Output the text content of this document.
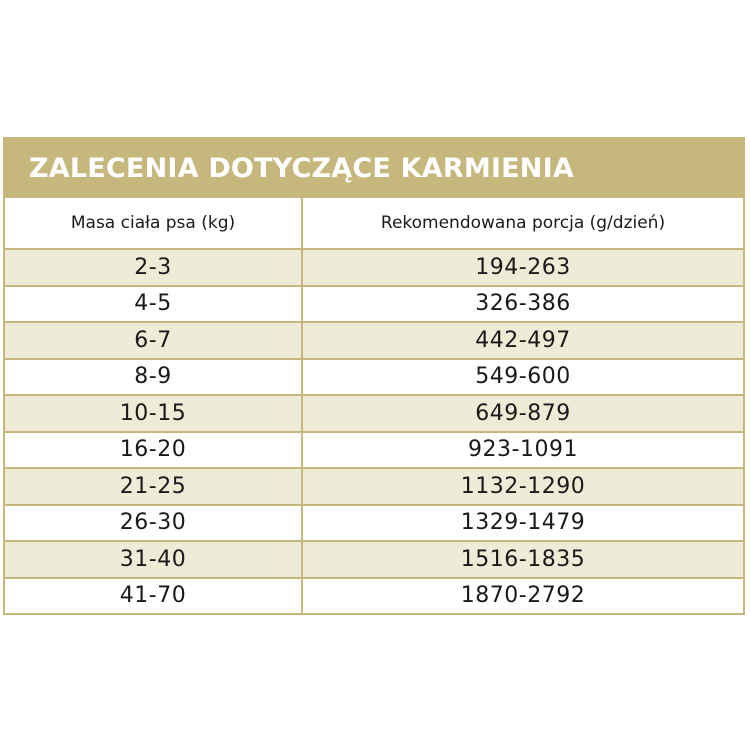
ZALECENIA DOTYCZĄCE KARMIENIA
Masa ciała psa (kg)	Rekomendowana porcja (g/dzień)
2-3	194-263
4-5	326-386
6-7	442-497
8-9	549-600
10-15	649-879
16-20	923-1091
21-25	1132-1290
26-30	1329-1479
31-40	1516-1835
41-70	1870-2792
